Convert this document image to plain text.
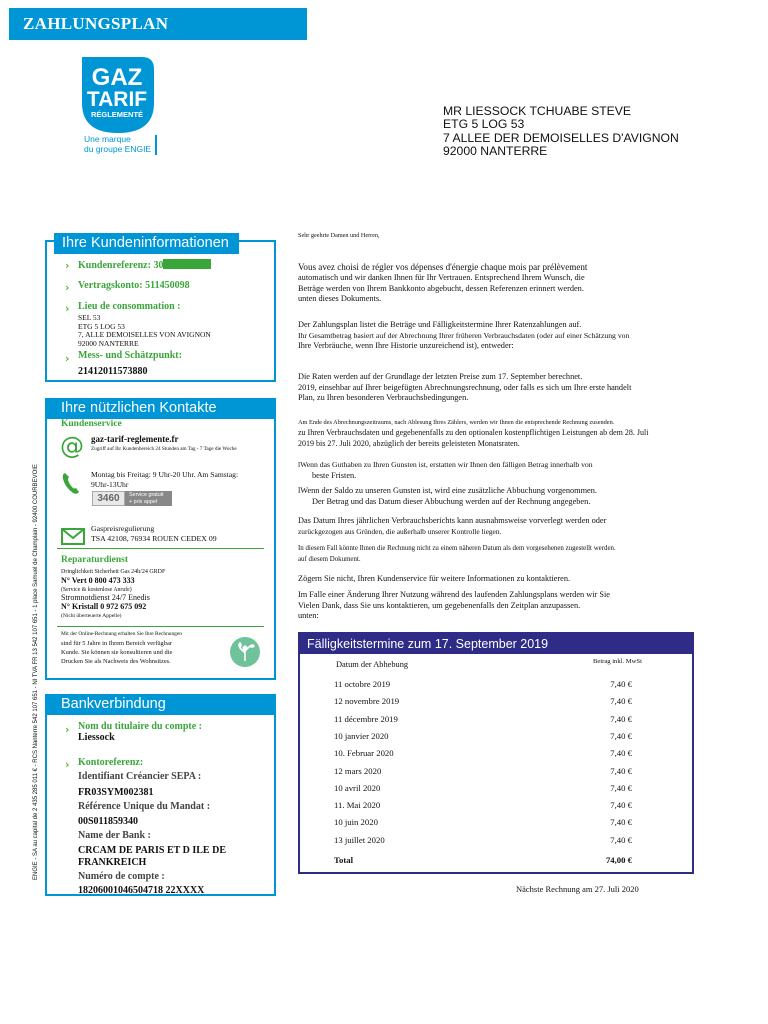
ZAHLUNGSPLAN
GAZ
TARIF
RÉGLEMENTÉ
Une marque
du groupe ENGIE
MR LIESSOCK TCHUABE STEVE
ETG 5 LOG 53
7 ALLEE DER DEMOISELLES D'AVIGNON
92000 NANTERRE
Ihre Kundeninformationen
› Kundenreferenz: 30
› Vertragskonto: 511450098
› Lieu de consommation :
SEL 53
ETG 5 LOG 53
7, ALLE DEMOISELLES VON AVIGNON
92000 NANTERRE
› Mess- und Schätzpunkt:
21412011573880
Ihre nützlichen Kontakte
Kundenservice
@ gaz-tarif-reglemente.fr
Zugriff auf Ihr Kundenbereich 24 Stunden am Tag - 7 Tage die Woche
Montag bis Freitag: 9 Uhr-20 Uhr. Am Samstag:
9Uhr-13Uhr
3460	Service gratuit
+ prix appel
Gaspreisregulierung
TSA 42108, 76934 ROUEN CEDEX 09
Reparaturdienst
Dringlichkeit Sicherheit Gas 24h/24 GRDF
N° Vert 0 800 473 333
(Service & kostenlose Anrufe)
Stromnotdienst 24/7 Enedis
N° Kristall 0 972 675 092
(Nicht überteuerte Appelle)
Mit der Online-Rechnung erhalten Sie Ihre Rechnungen
sind für 5 Jahre in Ihrem Bereich verfügbar
Kunde. Sie können sie konsultieren und die
Drucken Sie als Nachweis des Wohnsitzes.
Bankverbindung
› Nom du titulaire du compte :
Liessock
› Kontoreferenz:
Identifiant Créancier SEPA :
FR03SYM002381
Référence Unique du Mandat :
00S011859340
Name der Bank :
CRCAM DE PARIS ET D ILE DE
FRANKREICH
Numéro de compte :
18206001046504718 22XXXX
Sehr geehrte Damen und Herren,
Vous avez choisi de régler vos dépenses d'énergie chaque mois par prélèvement
automatisch und wir danken Ihnen für Ihr Vertrauen. Entsprechend Ihrem Wunsch, die
Beträge werden von Ihrem Bankkonto abgebucht, dessen Referenzen erinnert werden.
unten dieses Dokuments.
Der Zahlungsplan listet die Beträge und Fälligkeitstermine Ihrer Ratenzahlungen auf.
Ihr Gesamtbetrag basiert auf der Abrechnung Ihrer früheren Verbrauchsdaten (oder auf einer Schätzung von
Ihre Verbräuche, wenn Ihre Historie unzureichend ist), entweder:
Die Raten werden auf der Grundlage der letzten Preise zum 17. September berechnet.
2019, einsehbar auf Ihrer beigefügten Abrechnungsrechnung, oder falls es sich um Ihre erste handelt
Plan, zu Ihren besonderen Verbrauchsbedingungen.
Am Ende des Abrechnungszeitraums, nach Ablesung Ihres Zählers, werden wir Ihnen die entsprechende Rechnung zusenden.
zu Ihren Verbrauchsdaten und gegebenenfalls zu den optionalen kostenpflichtigen Leistungen ab dem 28. Juli
2019 bis 27. Juli 2020, abzüglich der bereits geleisteten Monatsraten.
lWenn das Guthaben zu Ihren Gunsten ist, erstatten wir Ihnen den fälligen Betrag innerhalb von
beste Fristen.
lWenn der Saldo zu unseren Gunsten ist, wird eine zusätzliche Abbuchung vorgenommen.
Der Betrag und das Datum dieser Abbuchung werden auf der Rechnung angegeben.
Das Datum Ihres jährlichen Verbrauchsberichts kann ausnahmsweise vorverlegt werden oder
zurückgezogen aus Gründen, die außerhalb unserer Kontrolle liegen.
In diesem Fall könnte Ihnen die Rechnung nicht zu einem näheren Datum als dem vorgesehenen zugestellt werden.
auf diesem Dokument.
Zögern Sie nicht, Ihren Kundenservice für weitere Informationen zu kontaktieren.
Im Falle einer Änderung Ihrer Nutzung während des laufenden Zahlungsplans werden wir Sie
Vielen Dank, dass Sie uns kontaktieren, um gegebenenfalls den Zeitplan anzupassen.
unten:
Fälligkeitstermine zum 17. September 2019
Datum der Abhebung	Betrag inkl. MwSt
11 octobre 2019	7,40 €
12 novembre 2019	7,40 €
11 décembre 2019	7,40 €
10 janvier 2020	7,40 €
10. Februar 2020	7,40 €
12 mars 2020	7,40 €
10 avril 2020	7,40 €
11. Mai 2020	7,40 €
10 juin 2020	7,40 €
13 juillet 2020	7,40 €
Total	74,00 €
Nächste Rechnung am 27. Juli 2020
ENGIE - SA au capital de 2 435 285 011 € - RCS Nanterre 542 107 651 - NI TVA FR 13 542 107 651 - 1 place Samuel de Champlain - 92400 COURBEVOIE
